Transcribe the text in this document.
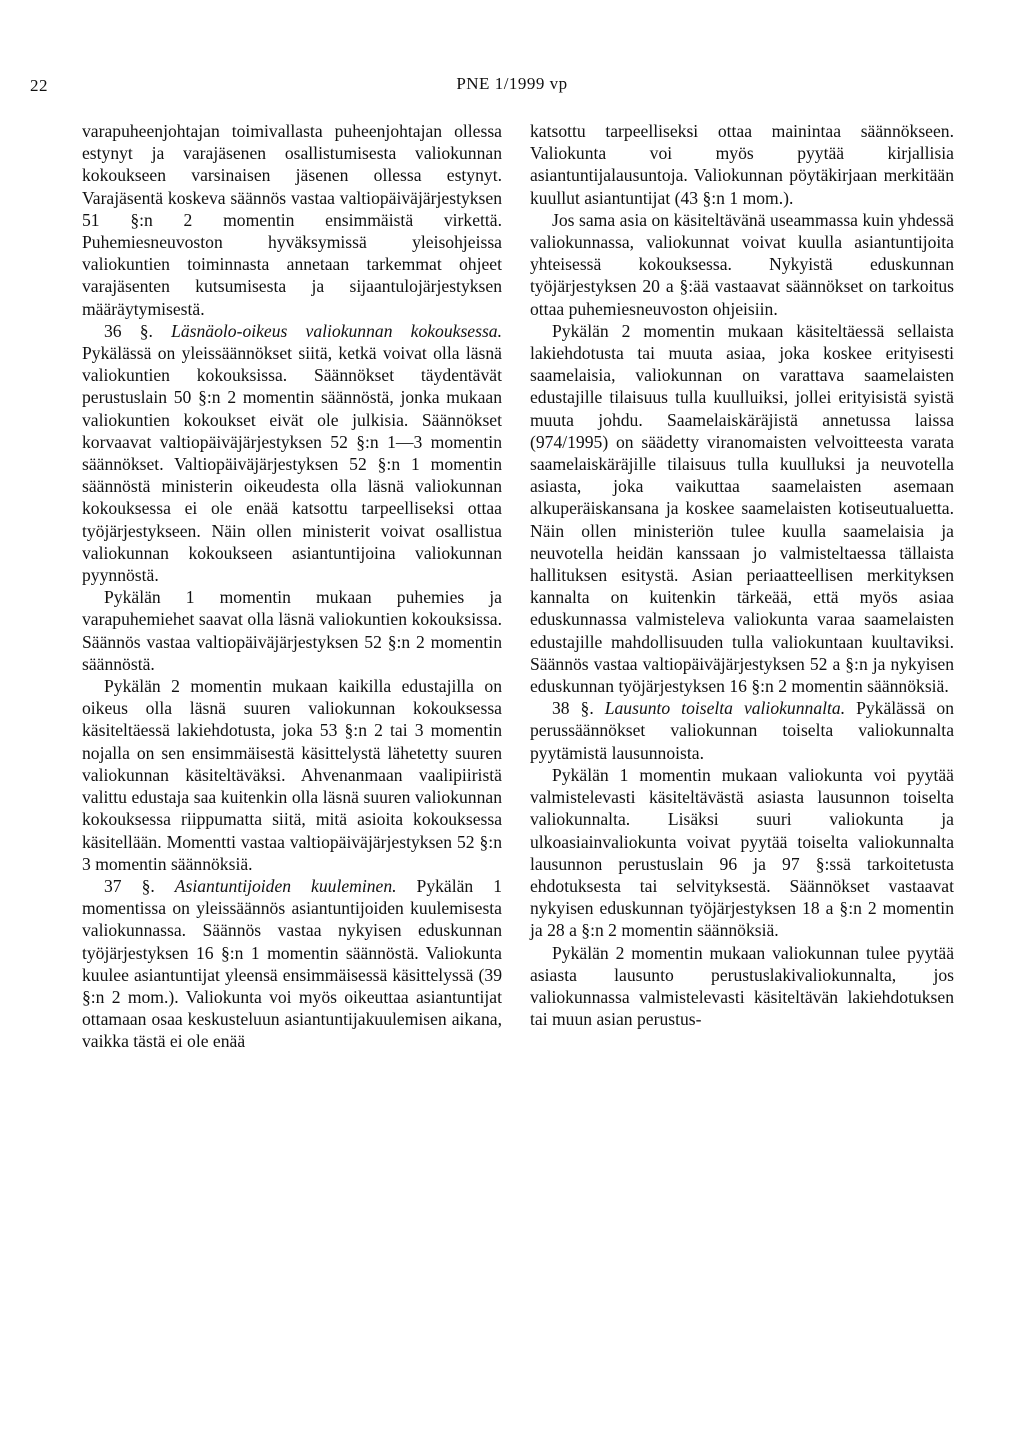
22	PNE 1/1999 vp

varapuheenjohtajan toimivallasta puheenjohtajan ollessa estynyt ja varajäsenen osallistumisesta valiokunnan kokoukseen varsinaisen jäsenen ollessa estynyt. Varajäsentä koskeva säännös vastaa valtiopäiväjärjestyksen 51 §:n 2 momentin ensimmäistä virkettä. Puhemiesneuvoston hyväksymissä yleisohjeissa valiokuntien toiminnasta annetaan tarkemmat ohjeet varajäsenten kutsumisesta ja sijaantulojärjestyksen määräytymisestä.

36 §. Läsnäolo-oikeus valiokunnan kokouksessa. Pykälässä on yleissäännökset siitä, ketkä voivat olla läsnä valiokuntien kokouksissa. Säännökset täydentävät perustuslain 50 §:n 2 momentin säännöstä, jonka mukaan valiokuntien kokoukset eivät ole julkisia. Säännökset korvaavat valtiopäiväjärjestyksen 52 §:n 1—3 momentin säännökset. Valtiopäiväjärjestyksen 52 §:n 1 momentin säännöstä ministerin oikeudesta olla läsnä valiokunnan kokouksessa ei ole enää katsottu tarpeelliseksi ottaa työjärjestykseen. Näin ollen ministerit voivat osallistua valiokunnan kokoukseen asiantuntijoina valiokunnan pyynnöstä.

Pykälän 1 momentin mukaan puhemies ja varapuhemiehet saavat olla läsnä valiokuntien kokouksissa. Säännös vastaa valtiopäiväjärjestyksen 52 §:n 2 momentin säännöstä.

Pykälän 2 momentin mukaan kaikilla edustajilla on oikeus olla läsnä suuren valiokunnan kokouksessa käsiteltäessä lakiehdotusta, joka 53 §:n 2 tai 3 momentin nojalla on sen ensimmäisestä käsittelystä lähetetty suuren valiokunnan käsiteltäväksi. Ahvenanmaan vaalipiiristä valittu edustaja saa kuitenkin olla läsnä suuren valiokunnan kokouksessa riippumatta siitä, mitä asioita kokouksessa käsitellään. Momentti vastaa valtiopäiväjärjestyksen 52 §:n 3 momentin säännöksiä.

37 §. Asiantuntijoiden kuuleminen. Pykälän 1 momentissa on yleissäännös asiantuntijoiden kuulemisesta valiokunnassa. Säännös vastaa nykyisen eduskunnan työjärjestyksen 16 §:n 1 momentin säännöstä. Valiokunta kuulee asiantuntijat yleensä ensimmäisessä käsittelyssä (39 §:n 2 mom.). Valiokunta voi myös oikeuttaa asiantuntijat ottamaan osaa keskusteluun asiantuntijakuulemisen aikana, vaikka tästä ei ole enää

katsottu tarpeelliseksi ottaa mainintaa säännökseen. Valiokunta voi myös pyytää kirjallisia asiantuntijalausuntoja. Valiokunnan pöytäkirjaan merkitään kuullut asiantuntijat (43 §:n 1 mom.).

Jos sama asia on käsiteltävänä useammassa kuin yhdessä valiokunnassa, valiokunnat voivat kuulla asiantuntijoita yhteisessä kokouksessa. Nykyistä eduskunnan työjärjestyksen 20 a §:ää vastaavat säännökset on tarkoitus ottaa puhemiesneuvoston ohjeisiin.

Pykälän 2 momentin mukaan käsiteltäessä sellaista lakiehdotusta tai muuta asiaa, joka koskee erityisesti saamelaisia, valiokunnan on varattava saamelaisten edustajille tilaisuus tulla kuulluiksi, jollei erityisistä syistä muuta johdu. Saamelaiskäräjistä annetussa laissa (974/1995) on säädetty viranomaisten velvoitteesta varata saamelaiskäräjille tilaisuus tulla kuulluksi ja neuvotella asiasta, joka vaikuttaa saamelaisten asemaan alkuperäiskansana ja koskee saamelaisten kotiseutualuetta. Näin ollen ministeriön tulee kuulla saamelaisia ja neuvotella heidän kanssaan jo valmisteltaessa tällaista hallituksen esitystä. Asian periaatteellisen merkityksen kannalta on kuitenkin tärkeää, että myös asiaa eduskunnassa valmisteleva valiokunta varaa saamelaisten edustajille mahdollisuuden tulla valiokuntaan kuultaviksi. Säännös vastaa valtiopäiväjärjestyksen 52 a §:n ja nykyisen eduskunnan työjärjestyksen 16 §:n 2 momentin säännöksiä.

38 §. Lausunto toiselta valiokunnalta. Pykälässä on perussäännökset valiokunnan toiselta valiokunnalta pyytämistä lausunnoista.

Pykälän 1 momentin mukaan valiokunta voi pyytää valmistelevasti käsiteltävästä asiasta lausunnon toiselta valiokunnalta. Lisäksi suuri valiokunta ja ulkoasiainvaliokunta voivat pyytää toiselta valiokunnalta lausunnon perustuslain 96 ja 97 §:ssä tarkoitetusta ehdotuksesta tai selvityksestä. Säännökset vastaavat nykyisen eduskunnan työjärjestyksen 18 a §:n 2 momentin ja 28 a §:n 2 momentin säännöksiä.

Pykälän 2 momentin mukaan valiokunnan tulee pyytää asiasta lausunto perustuslakivaliokunnalta, jos valiokunnassa valmistelevasti käsiteltävän lakiehdotuksen tai muun asian perustus-
